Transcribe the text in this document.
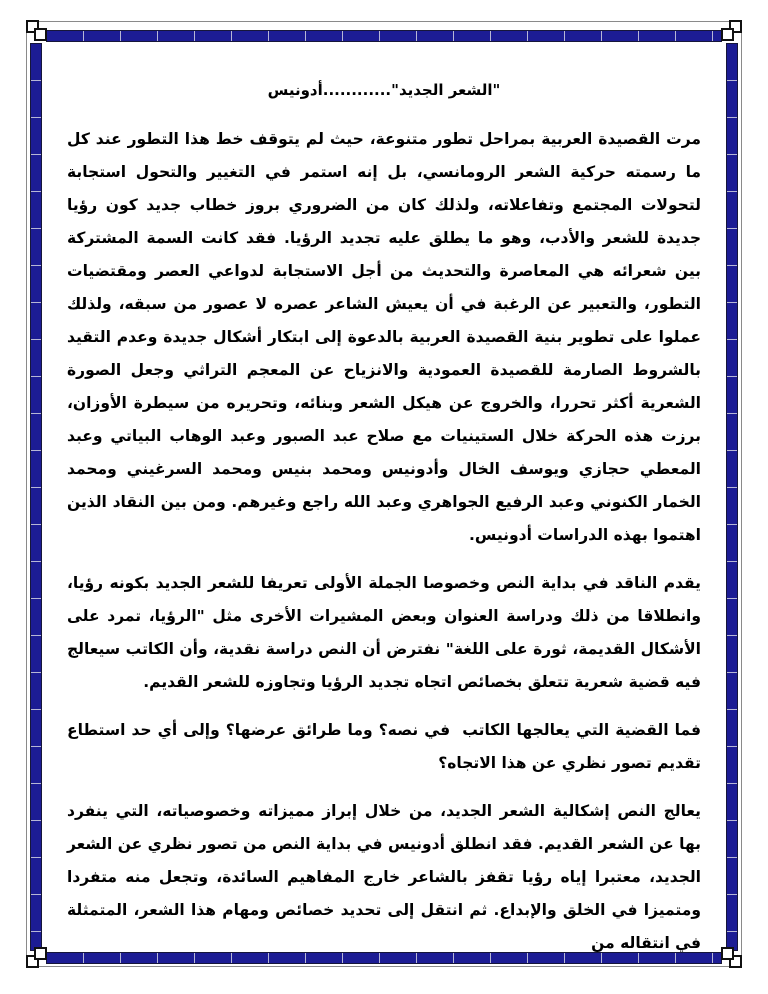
"الشعر الجديد"............أدونيس

مرت القصيدة العربية بمراحل تطور متنوعة، حيث لم يتوقف خط هذا التطور عند كل ما رسمته حركية الشعر الرومانسي، بل إنه استمر في التغيير والتحول استجابة لتحولات المجتمع وتفاعلاته، ولذلك كان من الضروري بروز خطاب جديد كون رؤيا جديدة للشعر والأدب، وهو ما يطلق عليه تجديد الرؤيا. فقد كانت السمة المشتركة بين شعرائه هي المعاصرة والتحديث من أجل الاستجابة لدواعي العصر ومقتضيات التطور، والتعبير عن الرغبة في أن يعيش الشاعر عصره لا عصور من سبقه، ولذلك عملوا على تطوير بنية القصيدة العربية بالدعوة إلى ابتكار أشكال جديدة وعدم التقيد بالشروط الصارمة للقصيدة العمودية والانزياح عن المعجم التراثي وجعل الصورة الشعرية أكثر تحررا، والخروج عن هيكل الشعر وبنائه، وتحريره من سيطرة الأوزان، برزت هذه الحركة خلال الستينيات مع صلاح عبد الصبور وعبد الوهاب البياتي وعبد المعطي حجازي ويوسف الخال وأدونيس ومحمد بنيس ومحمد السرغيني ومحمد الخمار الكنوني وعبد الرفيع الجواهري وعبد الله راجع وغيرهم. ومن بين النقاد الذين اهتموا بهذه الدراسات أدونيس.

يقدم الناقد في بداية النص وخصوصا الجملة الأولى تعريفا للشعر الجديد بكونه رؤيا، وانطلاقا من ذلك ودراسة العنوان وبعض المشيرات الأخرى مثل "الرؤيا، تمرد على الأشكال القديمة، ثورة على اللغة" نفترض أن النص دراسة نقدية، وأن الكاتب سيعالج فيه قضية شعرية تتعلق بخصائص اتجاه تجديد الرؤيا وتجاوزه للشعر القديم.

فما القضية التي يعالجها الكاتب  في نصه؟ وما طرائق عرضها؟ وإلى أي حد استطاع تقديم تصور نظري عن هذا الاتجاه؟

يعالج النص إشكالية الشعر الجديد، من خلال إبراز مميزاته وخصوصياته، التي ينفرد بها عن الشعر القديم. فقد انطلق أدونيس في بداية النص من تصور نظري عن الشعر الجديد، معتبرا إياه رؤيا تقفز بالشاعر خارج المفاهيم السائدة، وتجعل منه متفردا ومتميزا في الخلق والإبداع. ثم انتقل إلى تحديد خصائص ومهام هذا الشعر، المتمثلة في انتقاله من
